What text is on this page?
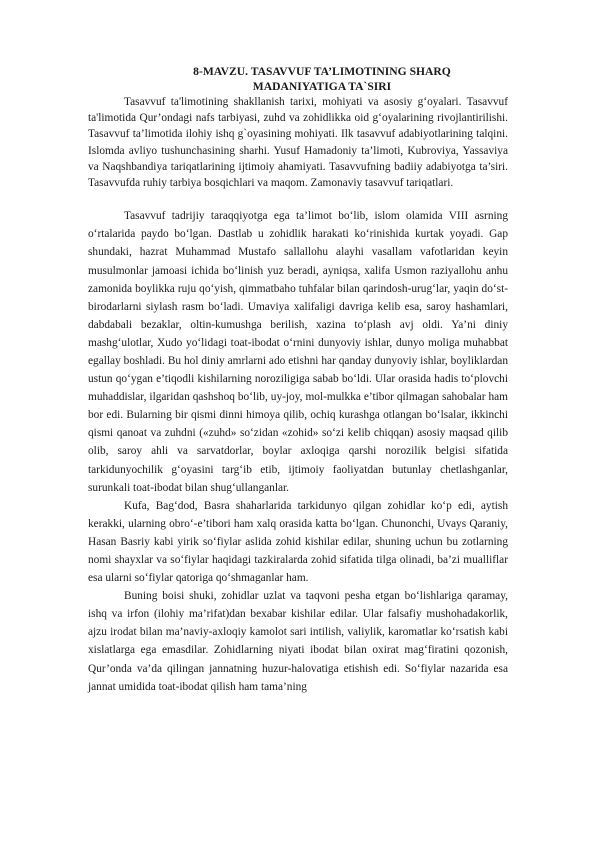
8-MAVZU. TASAVVUF TA’LIMOTINING SHARQ
MADANIYATIGA TA`SIRI

Tasavvuf ta'limotining shakllanish tarixi, mohiyati va asosiy g‘oyalari. Tasavvuf ta'limotida Qur’ondagi nafs tarbiyasi, zuhd va zohidlikka oid g‘oyalarining rivojlantirilishi. Tasavvuf ta’limotida ilohiy ishq g`oyasining mohiyati. Ilk tasavvuf adabiyotlarining talqini. Islomda avliyo tushunchasining sharhi. Yusuf Hamadoniy ta’limoti, Kubroviya, Yassaviya va Naqshbandiya tariqatlarining ijtimoiy ahamiyati. Tasavvufning badiiy adabiyotga ta’siri. Tasavvufda ruhiy tarbiya bosqichlari va maqom. Zamonaviy tasavvuf tariqatlari.

Tasavvuf tadrijiy taraqqiyotga ega ta’limot bo‘lib, islom olamida VIII asrning o‘rtalarida paydo bo‘lgan. Dastlab u zohidlik harakati ko‘rinishida kurtak yoyadi. Gap shundaki, hazrat Muhammad Mustafo sallallohu alayhi vasallam vafotlaridan keyin musulmonlar jamoasi ichida bo‘linish yuz beradi, ayniqsa, xalifa Usmon raziyallohu anhu zamonida boylikka ruju qo‘yish, qimmatbaho tuhfalar bilan qarindosh-urug‘lar, yaqin do‘st-birodarlarni siylash rasm bo‘ladi. Umaviya xalifaligi davriga kelib esa, saroy hashamlari, dabdabali bezaklar, oltin-kumushga berilish, xazina to‘plash avj oldi. Ya’ni diniy mashg‘ulotlar, Xudo yo‘lidagi toat-ibodat o‘rnini dunyoviy ishlar, dunyo moliga muhabbat egallay boshladi. Bu hol diniy amrlarni ado etishni har qanday dunyoviy ishlar, boyliklardan ustun qo‘ygan e’tiqodli kishilarning noroziligiga sabab bo‘ldi. Ular orasida hadis to‘plovchi muhaddislar, ilgaridan qashshoq bo‘lib, uy-joy, mol-mulkka e’tibor qilmagan sahobalar ham bor edi. Bularning bir qismi dinni himoya qilib, ochiq kurashga otlangan bo‘lsalar, ikkinchi qismi qanoat va zuhdni («zuhd» so‘zidan «zohid» so‘zi kelib chiqqan) asosiy maqsad qilib olib, saroy ahli va sarvatdorlar, boylar axloqiga qarshi norozilik belgisi sifatida tarkidunyochilik g‘oyasini targ‘ib etib, ijtimoiy faoliyatdan butunlay chetlashganlar, surunkali toat-ibodat bilan shug‘ullanganlar.

Kufa, Bag‘dod, Basra shaharlarida tarkidunyo qilgan zohidlar ko‘p edi, aytish kerakki, ularning obro‘-e’tibori ham xalq orasida katta bo‘lgan. Chunonchi, Uvays Qaraniy, Hasan Basriy kabi yirik so‘fiylar aslida zohid kishilar edilar, shuning uchun bu zotlarning nomi shayxlar va so‘fiylar haqidagi tazkiralarda zohid sifatida tilga olinadi, ba’zi mualliflar esa ularni so‘fiylar qatoriga qo‘shmaganlar ham.

Buning boisi shuki, zohidlar uzlat va taqvoni pesha etgan bo‘lishlariga qaramay, ishq va irfon (ilohiy ma’rifat)dan bexabar kishilar edilar. Ular falsafiy mushohadakorlik, ajzu irodat bilan ma’naviy-axloqiy kamolot sari intilish, valiylik, karomatlar ko‘rsatish kabi xislatlarga ega emasdilar. Zohidlarning niyati ibodat bilan oxirat mag‘firatini qozonish, Qur’onda va’da qilingan jannatning huzur-halovatiga etishish edi. So‘fiylar nazarida esa jannat umidida toat-ibodat qilish ham tama’ning
